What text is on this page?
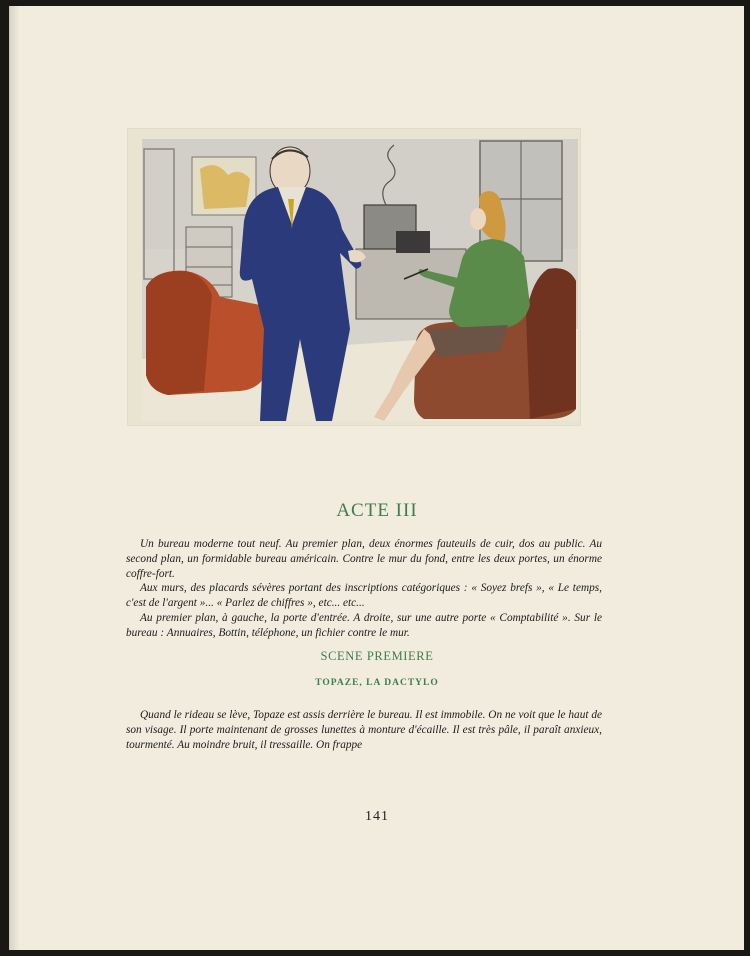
ACTE III

Un bureau moderne tout neuf. Au premier plan, deux énormes fauteuils de cuir, dos au public. Au second plan, un formidable bureau américain. Contre le mur du fond, entre les deux portes, un énorme coffre-fort.

Aux murs, des placards sévères portant des inscriptions catégoriques : « Soyez brefs », « Le temps, c'est de l'argent »... « Parlez de chiffres », etc... etc...

Au premier plan, à gauche, la porte d'entrée. A droite, sur une autre porte « Comptabilité ». Sur le bureau : Annuaires, Bottin, téléphone, un fichier contre le mur.

SCENE PREMIERE
TOPAZE, LA DACTYLO

Quand le rideau se lève, Topaze est assis derrière le bureau. Il est immobile. On ne voit que le haut de son visage. Il porte maintenant de grosses lunettes à monture d'écaille. Il est très pâle, il paraît anxieux, tourmenté. Au moindre bruit, il tressaille. On frappe

141
